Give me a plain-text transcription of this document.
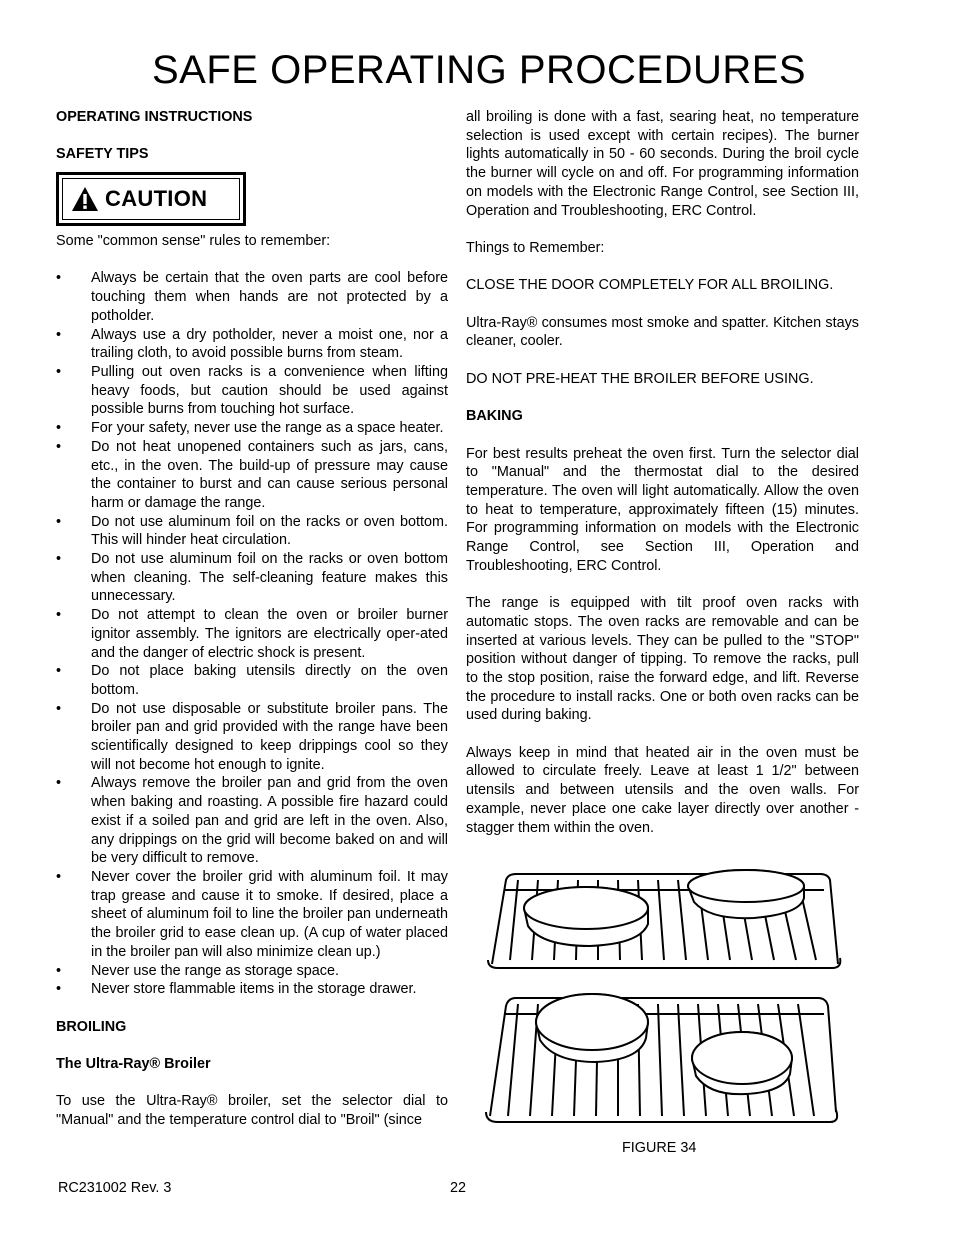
SAFE OPERATING PROCEDURES
OPERATING INSTRUCTIONS
SAFETY TIPS
CAUTION
Some "common sense" rules to remember:
• Always be certain that the oven parts are cool before touching them when hands are not protected by a potholder.
• Always use a dry potholder, never a moist one, nor a trailing cloth, to avoid possible burns from steam.
• Pulling out oven racks is a convenience when lifting heavy foods, but caution should be used against possible burns from touching hot surface.
• For your safety, never use the range as a space heater.
• Do not heat unopened containers such as jars, cans, etc., in the oven. The build-up of pressure may cause the container to burst and can cause serious personal harm or damage the range.
• Do not use aluminum foil on the racks or oven bottom. This will hinder heat circulation.
• Do not use aluminum foil on the racks or oven bottom when cleaning. The self-cleaning feature makes this unnecessary.
• Do not attempt to clean the oven or broiler burner ignitor assembly. The ignitors are electrically oper-ated and the danger of electric shock is present.
• Do not place baking utensils directly on the oven bottom.
• Do not use disposable or substitute broiler pans. The broiler pan and grid provided with the range have been scientifically designed to keep drippings cool so they will not become hot enough to ignite.
• Always remove the broiler pan and grid from the oven when baking and roasting. A possible fire hazard could exist if a soiled pan and grid are left in the oven. Also, any drippings on the grid will become baked on and will be very difficult to remove.
• Never cover the broiler grid with aluminum foil. It may trap grease and cause it to smoke. If desired, place a sheet of aluminum foil to line the broiler pan underneath the broiler grid to ease clean up. (A cup of water placed in the broiler pan will also minimize clean up.)
• Never use the range as storage space.
• Never store flammable items in the storage drawer.
BROILING
The Ultra-Ray® Broiler
To use the Ultra-Ray® broiler, set the selector dial to "Manual" and the temperature control dial to "Broil" (since
all broiling is done with a fast, searing heat, no temperature selection is used except with certain recipes). The burner lights automatically in 50 - 60 seconds. During the broil cycle the burner will cycle on and off. For programming information on models with the Electronic Range Control, see Section III, Operation and Troubleshooting, ERC Control.
Things to Remember:
CLOSE THE DOOR COMPLETELY FOR ALL BROILING.
Ultra-Ray® consumes most smoke and spatter. Kitchen stays cleaner, cooler.
DO NOT PRE-HEAT THE BROILER BEFORE USING.
BAKING
For best results preheat the oven first. Turn the selector dial to "Manual" and the thermostat dial to the desired temperature. The oven will light automatically. Allow the oven to heat to temperature, approximately fifteen (15) minutes. For programming information on models with the Electronic Range Control, see Section III, Operation and Troubleshooting, ERC Control.
The range is equipped with tilt proof oven racks with automatic stops. The oven racks are removable and can be inserted at various levels. They can be pulled to the "STOP" position without danger of tipping. To remove the racks, pull to the stop position, raise the forward edge, and lift. Reverse the procedure to install racks. One or both oven racks can be used during baking.
Always keep in mind that heated air in the oven must be allowed to circulate freely. Leave at least 1 1/2" between utensils and between utensils and the oven walls. For example, never place one cake layer directly over another - stagger them within the oven.
FIGURE 34
RC231002 Rev. 3	22
